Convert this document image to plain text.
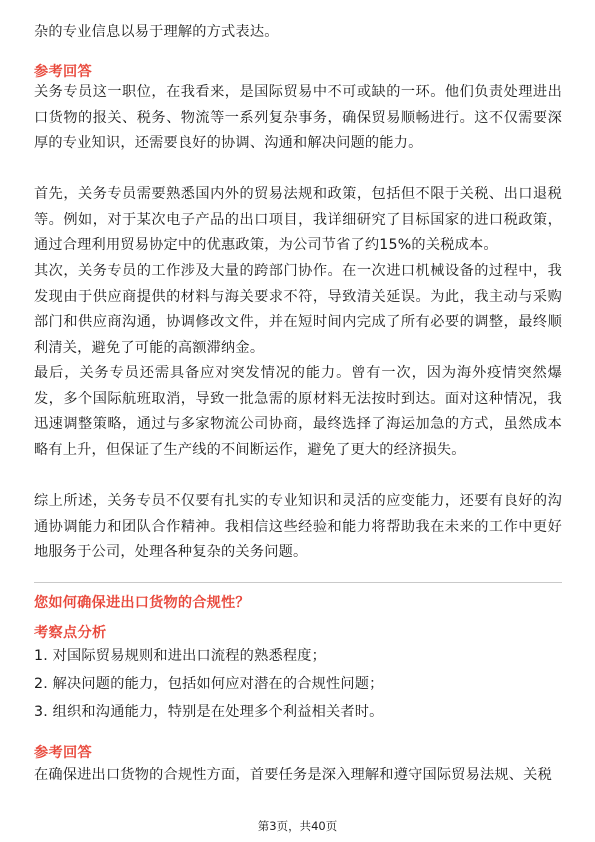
杂的专业信息以易于理解的方式表达。

参考回答

关务专员这一职位，在我看来，是国际贸易中不可或缺的一环。他们负责处理进出口货物的报关、税务、物流等一系列复杂事务，确保贸易顺畅进行。这不仅需要深厚的专业知识，还需要良好的协调、沟通和解决问题的能力。

首先，关务专员需要熟悉国内外的贸易法规和政策，包括但不限于关税、出口退税等。例如，对于某次电子产品的出口项目，我详细研究了目标国家的进口税政策，通过合理利用贸易协定中的优惠政策，为公司节省了约15%的关税成本。

其次，关务专员的工作涉及大量的跨部门协作。在一次进口机械设备的过程中，我发现由于供应商提供的材料与海关要求不符，导致清关延误。为此，我主动与采购部门和供应商沟通，协调修改文件，并在短时间内完成了所有必要的调整，最终顺利清关，避免了可能的高额滞纳金。

最后，关务专员还需具备应对突发情况的能力。曾有一次，因为海外疫情突然爆发，多个国际航班取消，导致一批急需的原材料无法按时到达。面对这种情况，我迅速调整策略，通过与多家物流公司协商，最终选择了海运加急的方式，虽然成本略有上升，但保证了生产线的不间断运作，避免了更大的经济损失。

综上所述，关务专员不仅要有扎实的专业知识和灵活的应变能力，还要有良好的沟通协调能力和团队合作精神。我相信这些经验和能力将帮助我在未来的工作中更好地服务于公司，处理各种复杂的关务问题。

您如何确保进出口货物的合规性？

考察点分析

1. 对国际贸易规则和进出口流程的熟悉程度；

2. 解决问题的能力，包括如何应对潜在的合规性问题；

3. 组织和沟通能力，特别是在处理多个利益相关者时。

参考回答

在确保进出口货物的合规性方面，首要任务是深入理解和遵守国际贸易法规、关税

第3页，共40页
